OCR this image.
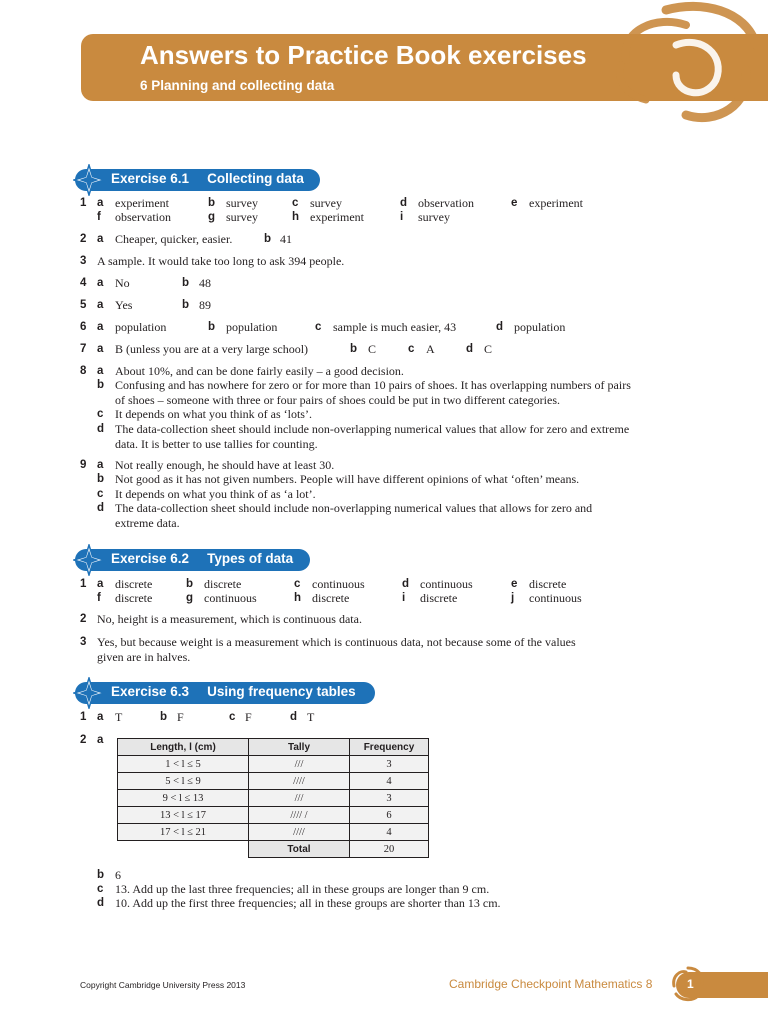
Answers to Practice Book exercises
6 Planning and collecting data
Exercise 6.1 Collecting data
1 a experiment	b survey	c survey	d observation	e experiment
f observation	g survey	h experiment	i survey
2 a Cheaper, quicker, easier.	b 41
3 A sample. It would take too long to ask 394 people.
4 a No	b 48
5 a Yes	b 89
6 a population	b population	c sample is much easier, 43	d population
7 a B (unless you are at a very large school)	b C	c A	d C
8 a About 10%, and can be done fairly easily – a good decision.
b Confusing and has nowhere for zero or for more than 10 pairs of shoes. It has overlapping numbers of pairs
of shoes – someone with three or four pairs of shoes could be put in two different categories.
c It depends on what you think of as ‘lots’.
d The data-collection sheet should include non-overlapping numerical values that allow for zero and extreme
data. It is better to use tallies for counting.
9 a Not really enough, he should have at least 30.
b Not good as it has not given numbers. People will have different opinions of what ‘often’ means.
c It depends on what you think of as ‘a lot’.
d The data-collection sheet should include non-overlapping numerical values that allows for zero and
extreme data.
Exercise 6.2 Types of data
1 a discrete	b discrete	c continuous	d continuous	e discrete
f discrete	g continuous	h discrete	i discrete	j continuous
2 No, height is a measurement, which is continuous data.
3 Yes, but because weight is a measurement which is continuous data, not because some of the values
given are in halves.
Exercise 6.3 Using frequency tables
1 a T	b F	c F	d T
2 a
Length, l (cm)	Tally	Frequency
1 < l ≤ 5	///	3
5 < l ≤ 9	////	4
9 < l ≤ 13	///	3
13 < l ≤ 17	//// /	6
17 < l ≤ 21	////	4
	Total	20
b 6
c 13. Add up the last three frequencies; all in these groups are longer than 9 cm.
d 10. Add up the first three frequencies; all in these groups are shorter than 13 cm.
Copyright Cambridge University Press 2013	Cambridge Checkpoint Mathematics 8	1
